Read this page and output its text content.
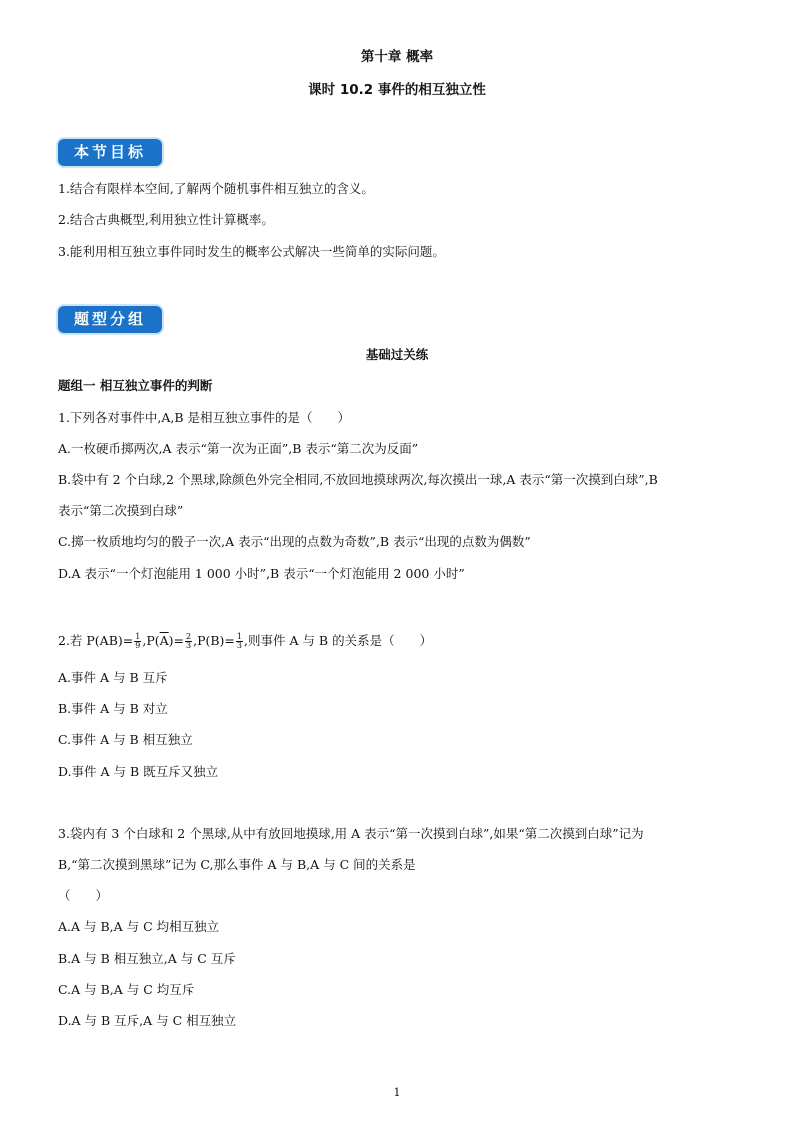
第十章 概率
课时 10.2 事件的相互独立性
本节目标
1.结合有限样本空间,了解两个随机事件相互独立的含义。
2.结合古典概型,利用独立性计算概率。
3.能利用相互独立事件同时发生的概率公式解决一些简单的实际问题。
题型分组
基础过关练
题组一 相互独立事件的判断
1.下列各对事件中,A,B 是相互独立事件的是（　　）
A.一枚硬币掷两次,A 表示“第一次为正面”,B 表示“第二次为反面”
B.袋中有 2 个白球,2 个黑球,除颜色外完全相同,不放回地摸球两次,每次摸出一球,A 表示“第一次摸到白球”,B
表示“第二次摸到白球”
C.掷一枚质地均匀的骰子一次,A 表示“出现的点数为奇数”,B 表示“出现的点数为偶数”
D.A 表示“一个灯泡能用 1 000 小时”,B 表示“一个灯泡能用 2 000 小时”
2.若 $P(AB)= \frac{1}{9} ,P(\overline{A})= \frac{2}{3} ,P(B)= \frac{1}{3}$ ,则事件 A 与 B 的关系是（　　）
A.事件 A 与 B 互斥
B.事件 A 与 B 对立
C.事件 A 与 B 相互独立
D.事件 A 与 B 既互斥又独立
3.袋内有 3 个白球和 2 个黑球,从中有放回地摸球,用 A 表示“第一次摸到白球”,如果“第二次摸到白球”记为
B,“第二次摸到黑球”记为 C,那么事件 A 与 B,A 与 C 间的关系是
（　　）
A.A 与 B,A 与 C 均相互独立
B.A 与 B 相互独立,A 与 C 互斥
C.A 与 B,A 与 C 均互斥
D.A 与 B 互斥,A 与 C 相互独立
1
